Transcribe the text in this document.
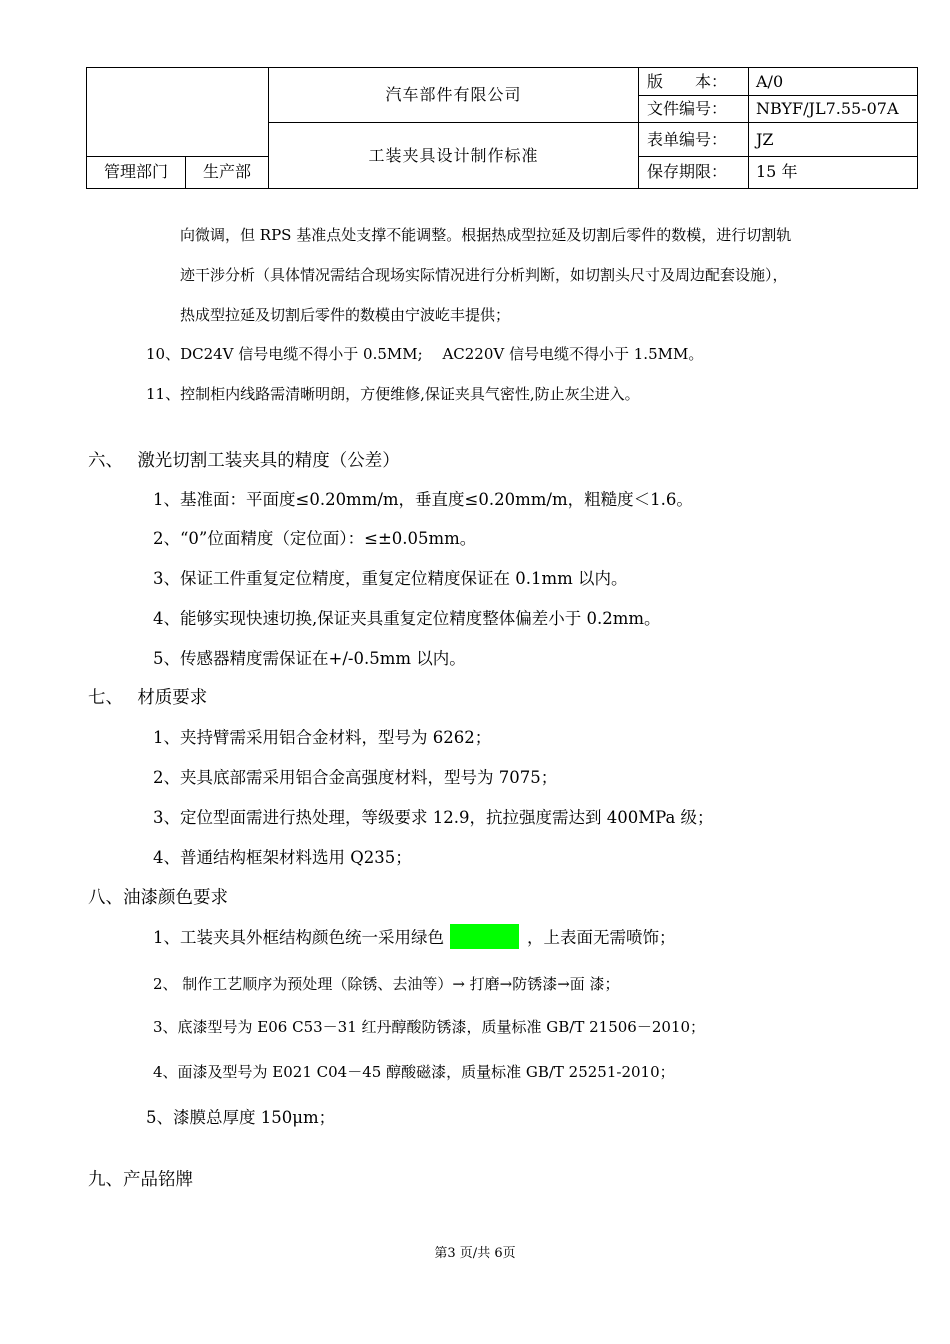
		汽车部件有限公司	版　　本：	A/0
			文件编号：	NBYF/JL7.55-07A
		工装夹具设计制作标准	表单编号：	JZ
管理部门	生产部		保存期限：	15 年
向微调，但 RPS 基准点处支撑不能调整。根据热成型拉延及切割后零件的数模，进行切割轨
迹干涉分析（具体情况需结合现场实际情况进行分析判断，如切割头尺寸及周边配套设施），
热成型拉延及切割后零件的数模由宁波屹丰提供；
10、DC24V 信号电缆不得小于 0.5MM;　 AC220V 信号电缆不得小于 1.5MM。
11、控制柜内线路需清晰明朗，方便维修,保证夹具气密性,防止灰尘进入。
六、　 激光切割工装夹具的精度（公差）
1、基准面：平面度≤0.20mm/m，垂直度≤0.20mm/m，粗糙度＜1.6。
2、“0”位面精度（定位面）：≤±0.05mm。
3、保证工件重复定位精度，重复定位精度保证在 0.1mm 以内。
4、能够实现快速切换,保证夹具重复定位精度整体偏差小于 0.2mm。
5、传感器精度需保证在+/-0.5mm 以内。
七、　 材质要求
1、夹持臂需采用铝合金材料，型号为 6262；
2、夹具底部需采用铝合金高强度材料，型号为 7075；
3、定位型面需进行热处理，等级要求 12.9，抗拉强度需达到 400MPa 级；
4、普通结构框架材料选用 Q235；
八、油漆颜色要求
1、工装夹具外框结构颜色统一采用绿色	，上表面无需喷饰；
2、 制作工艺顺序为预处理（除锈、去油等）→ 打磨→防锈漆→面 漆；
3、底漆型号为 E06 C53－31 红丹醇酸防锈漆，质量标准 GB/T 21506－2010；
4、面漆及型号为 E021 C04－45 醇酸磁漆，质量标准 GB/T 25251-2010；
5、漆膜总厚度 150μm；
九、产品铭牌
第3 页/共 6页
